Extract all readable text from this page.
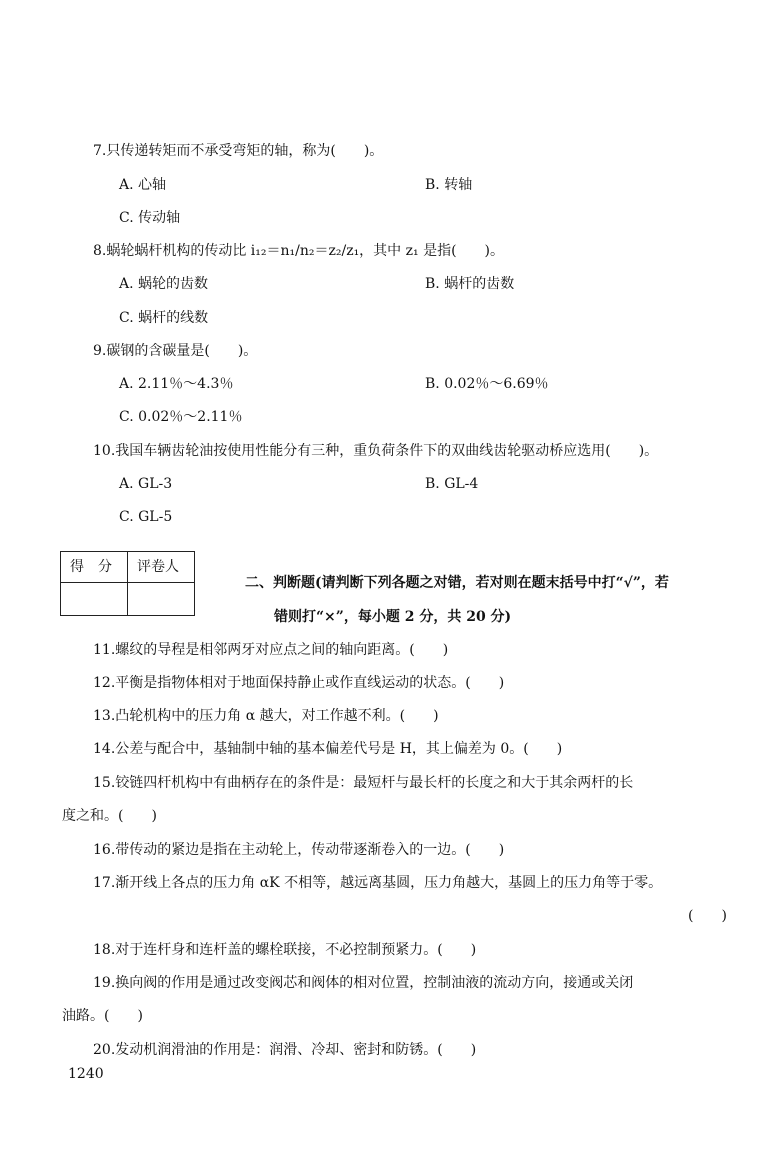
7.只传递转矩而不承受弯矩的轴，称为(　　)。
A. 心轴	B. 转轴
C. 传动轴
8.蜗轮蜗杆机构的传动比 i₁₂＝n₁/n₂＝z₂/z₁，其中 z₁ 是指(　　)。
A. 蜗轮的齿数	B. 蜗杆的齿数
C. 蜗杆的线数
9.碳钢的含碳量是(　　)。
A. 2.11％～4.3％	B. 0.02％～6.69％
C. 0.02％～2.11％
10.我国车辆齿轮油按使用性能分有三种，重负荷条件下的双曲线齿轮驱动桥应选用(　　)。
A. GL-3	B. GL-4
C. GL-5
得　分 评卷人
二、判断题(请判断下列各题之对错，若对则在题末括号中打“√”，若
错则打“×”，每小题 2 分，共 20 分)
11.螺纹的导程是相邻两牙对应点之间的轴向距离。(　　)
12.平衡是指物体相对于地面保持静止或作直线运动的状态。(　　)
13.凸轮机构中的压力角 α 越大，对工作越不利。(　　)
14.公差与配合中，基轴制中轴的基本偏差代号是 H，其上偏差为 0。(　　)
15.铰链四杆机构中有曲柄存在的条件是：最短杆与最长杆的长度之和大于其余两杆的长
度之和。(　　)
16.带传动的紧边是指在主动轮上，传动带逐渐卷入的一边。(　　)
17.渐开线上各点的压力角 αK 不相等，越远离基圆，压力角越大，基圆上的压力角等于零。
(　　)
18.对于连杆身和连杆盖的螺栓联接，不必控制预紧力。(　　)
19.换向阀的作用是通过改变阀芯和阀体的相对位置，控制油液的流动方向，接通或关闭
油路。(　　)
20.发动机润滑油的作用是：润滑、冷却、密封和防锈。(　　)
1240
